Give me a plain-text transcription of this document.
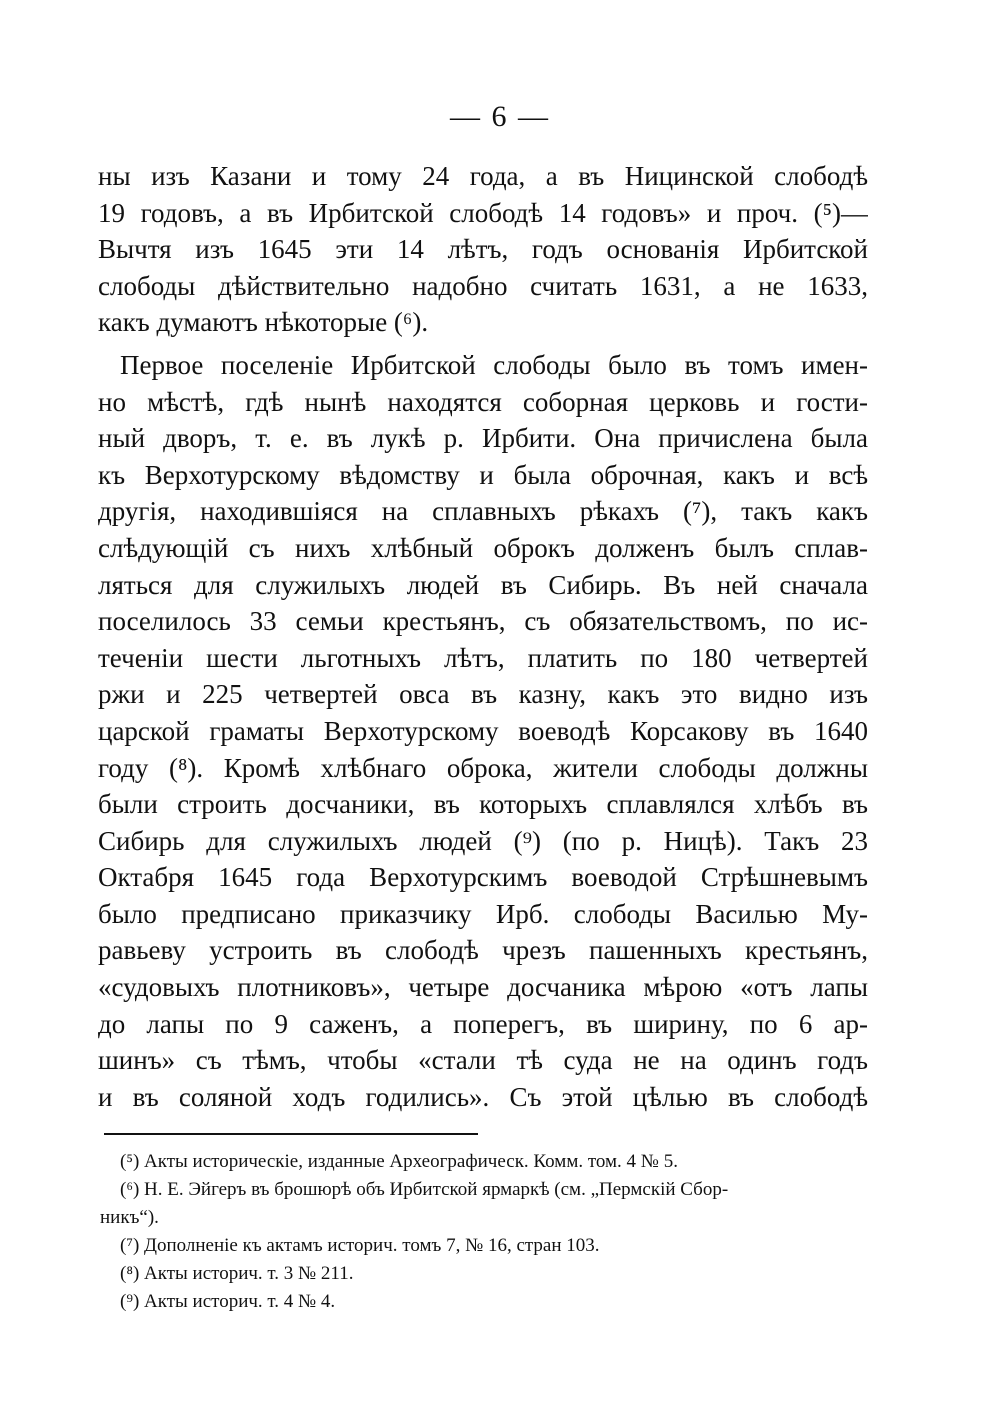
— 6 —
ны изъ Казани и тому 24 года, а въ Ницинской слободѣ
19 годовъ, а въ Ирбитской слободѣ 14 годовъ» и проч. (⁵)—
Вычтя изъ 1645 эти 14 лѣтъ, годъ основанія Ирбитской
слободы дѣйствительно надобно считать 1631, а не 1633,
какъ думаютъ нѣкоторые (⁶).
Первое поселеніе Ирбитской слободы было въ томъ имен-
но мѣстѣ, гдѣ нынѣ находятся соборная церковь и гости-
ный дворъ, т. е. въ лукѣ р. Ирбити. Она причислена была
къ Верхотурскому вѣдомству и была оброчная, какъ и всѣ
другія, находившіяся на сплавныхъ рѣкахъ (⁷), такъ какъ
слѣдующій съ нихъ хлѣбный оброкъ долженъ былъ сплав-
ляться для служилыхъ людей въ Сибирь. Въ ней сначала
поселилось 33 семьи крестьянъ, съ обязательствомъ, по ис-
теченіи шести льготныхъ лѣтъ, платить по 180 четвертей
ржи и 225 четвертей овса въ казну, какъ это видно изъ
царской граматы Верхотурскому воеводѣ Корсакову въ 1640
году (⁸). Кромѣ хлѣбнаго оброка, жители слободы должны
были строить досчаники, въ которыхъ сплавлялся хлѣбъ въ
Сибирь для служилыхъ людей (⁹) (по р. Ницѣ). Такъ 23
Октабря 1645 года Верхотурскимъ воеводой Стрѣшневымъ
было предписано приказчику Ирб. слободы Василью Му-
равьеву устроить въ слободѣ чрезъ пашенныхъ крестьянъ,
«судовыхъ плотниковъ», четыре досчаника мѣрою «отъ лапы
до лапы по 9 саженъ, а поперегъ, въ ширину, по 6 ар-
шинъ» съ тѣмъ, чтобы «стали тѣ суда не на одинъ годъ
и въ соляной ходъ годились». Съ этой цѣлью въ слободѣ
(⁵) Акты историческіе, изданные Археографическ. Комм. том. 4 № 5.
(⁶) Н. Е. Эйгеръ въ брошюрѣ объ Ирбитской ярмаркѣ (см. „Пермскій Сбор-
никъ“).
(⁷) Дополненіе къ актамъ историч. томъ 7, № 16, стран 103.
(⁸) Акты историч. т. 3 № 211.
(⁹) Акты историч. т. 4 № 4.
